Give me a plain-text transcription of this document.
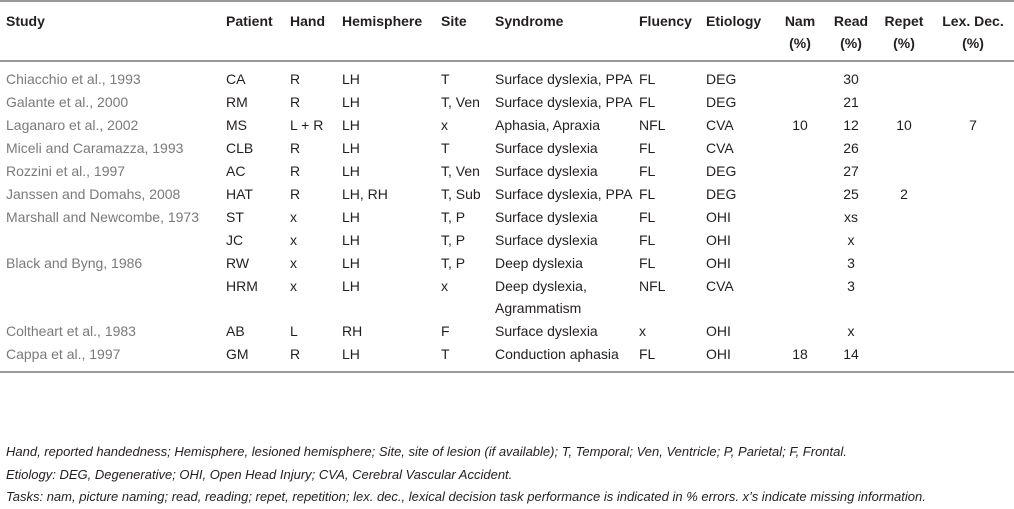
Study	Patient	Hand	Hemisphere	Site	Syndrome	Fluency	Etiology	Nam (%)	Read (%)	Repet (%)	Lex. Dec. (%)
Chiacchio et al., 1993	CA	R	LH	T	Surface dyslexia, PPA	FL	DEG		30		
Galante et al., 2000	RM	R	LH	T, Ven	Surface dyslexia, PPA	FL	DEG		21		
Laganaro et al., 2002	MS	L + R	LH	x	Aphasia, Apraxia	NFL	CVA	10	12	10	7
Miceli and Caramazza, 1993	CLB	R	LH	T	Surface dyslexia	FL	CVA		26		
Rozzini et al., 1997	AC	R	LH	T, Ven	Surface dyslexia	FL	DEG		27		
Janssen and Domahs, 2008	HAT	R	LH, RH	T, Sub	Surface dyslexia, PPA	FL	DEG		25	2	
Marshall and Newcombe, 1973	ST	x	LH	T, P	Surface dyslexia	FL	OHI		xs		
	JC	x	LH	T, P	Surface dyslexia	FL	OHI		x		
Black and Byng, 1986	RW	x	LH	T, P	Deep dyslexia	FL	OHI		3		
	HRM	x	LH	x	Deep dyslexia, Agrammatism	NFL	CVA		3		
Coltheart et al., 1983	AB	L	RH	F	Surface dyslexia	x	OHI		x		
Cappa et al., 1997	GM	R	LH	T	Conduction aphasia	FL	OHI	18	14		
Hand, reported handedness; Hemisphere, lesioned hemisphere; Site, site of lesion (if available); T, Temporal; Ven, Ventricle; P, Parietal; F, Frontal.
Etiology: DEG, Degenerative; OHI, Open Head Injury; CVA, Cerebral Vascular Accident.
Tasks: nam, picture naming; read, reading; repet, repetition; lex. dec., lexical decision task performance is indicated in % errors. x’s indicate missing information.
